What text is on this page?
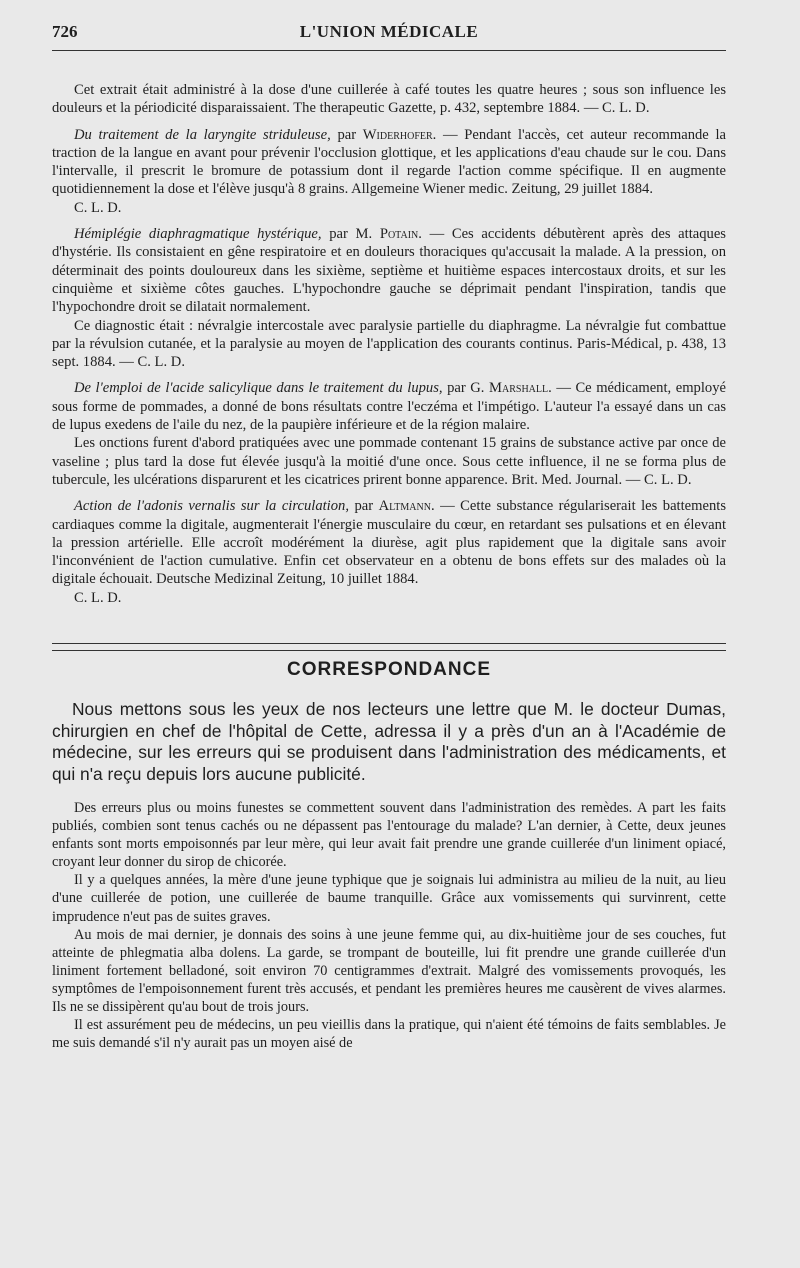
726	L'UNION MÉDICALE

Cet extrait était administré à la dose d'une cuillerée à café toutes les quatre heures ; sous son influence les douleurs et la périodicité disparaissaient. The therapeutic Gazette, p. 432, septembre 1884. — C. L. D.

Du traitement de la laryngite striduleuse, par Widerhofer. — Pendant l'accès, cet auteur recommande la traction de la langue en avant pour prévenir l'occlusion glottique, et les applications d'eau chaude sur le cou. Dans l'intervalle, il prescrit le bromure de potassium dont il regarde l'action comme spécifique. Il en augmente quotidiennement la dose et l'élève jusqu'à 8 grains. Allgemeine Wiener medic. Zeitung, 29 juillet 1884.

C. L. D.

Hémiplégie diaphragmatique hystérique, par M. Potain. — Ces accidents débutèrent après des attaques d'hystérie. Ils consistaient en gêne respiratoire et en douleurs thoraciques qu'accusait la malade. A la pression, on déterminait des points douloureux dans les sixième, septième et huitième espaces intercostaux droits, et sur les cinquième et sixième côtes gauches. L'hypochondre gauche se déprimait pendant l'inspiration, tandis que l'hypochondre droit se dilatait normalement.

Ce diagnostic était : névralgie intercostale avec paralysie partielle du diaphragme. La névralgie fut combattue par la révulsion cutanée, et la paralysie au moyen de l'application des courants continus. Paris-Médical, p. 438, 13 sept. 1884. — C. L. D.

De l'emploi de l'acide salicylique dans le traitement du lupus, par G. Marshall. — Ce médicament, employé sous forme de pommades, a donné de bons résultats contre l'eczéma et l'impétigo. L'auteur l'a essayé dans un cas de lupus exedens de l'aile du nez, de la paupière inférieure et de la région malaire.

Les onctions furent d'abord pratiquées avec une pommade contenant 15 grains de substance active par once de vaseline ; plus tard la dose fut élevée jusqu'à la moitié d'une once. Sous cette influence, il ne se forma plus de tubercule, les ulcérations disparurent et les cicatrices prirent bonne apparence. Brit. Med. Journal. — C. L. D.

Action de l'adonis vernalis sur la circulation, par Altmann. — Cette substance régulariserait les battements cardiaques comme la digitale, augmenterait l'énergie musculaire du cœur, en retardant ses pulsations et en élevant la pression artérielle. Elle accroît modérément la diurèse, agit plus rapidement que la digitale sans avoir l'inconvénient de l'action cumulative. Enfin cet observateur en a obtenu de bons effets sur des malades où la digitale échouait. Deutsche Medizinal Zeitung, 10 juillet 1884.

C. L. D.

CORRESPONDANCE
Nous mettons sous les yeux de nos lecteurs une lettre que M. le docteur Dumas, chirurgien en chef de l'hôpital de Cette, adressa il y a près d'un an à l'Académie de médecine, sur les erreurs qui se produisent dans l'administration des médicaments, et qui n'a reçu depuis lors aucune publicité.

Des erreurs plus ou moins funestes se commettent souvent dans l'administration des remèdes. A part les faits publiés, combien sont tenus cachés ou ne dépassent pas l'entourage du malade? L'an dernier, à Cette, deux jeunes enfants sont morts empoisonnés par leur mère, qui leur avait fait prendre une grande cuillerée d'un liniment opiacé, croyant leur donner du sirop de chicorée.

Il y a quelques années, la mère d'une jeune typhique que je soignais lui administra au milieu de la nuit, au lieu d'une cuillerée de potion, une cuillerée de baume tranquille. Grâce aux vomissements qui survinrent, cette imprudence n'eut pas de suites graves.

Au mois de mai dernier, je donnais des soins à une jeune femme qui, au dix-huitième jour de ses couches, fut atteinte de phlegmatia alba dolens. La garde, se trompant de bouteille, lui fit prendre une grande cuillerée d'un liniment fortement belladoné, soit environ 70 centigrammes d'extrait. Malgré des vomissements provoqués, les symptômes de l'empoisonnement furent très accusés, et pendant les premières heures me causèrent de vives alarmes. Ils ne se dissipèrent qu'au bout de trois jours.

Il est assurément peu de médecins, un peu vieillis dans la pratique, qui n'aient été témoins de faits semblables. Je me suis demandé s'il n'y aurait pas un moyen aisé de
